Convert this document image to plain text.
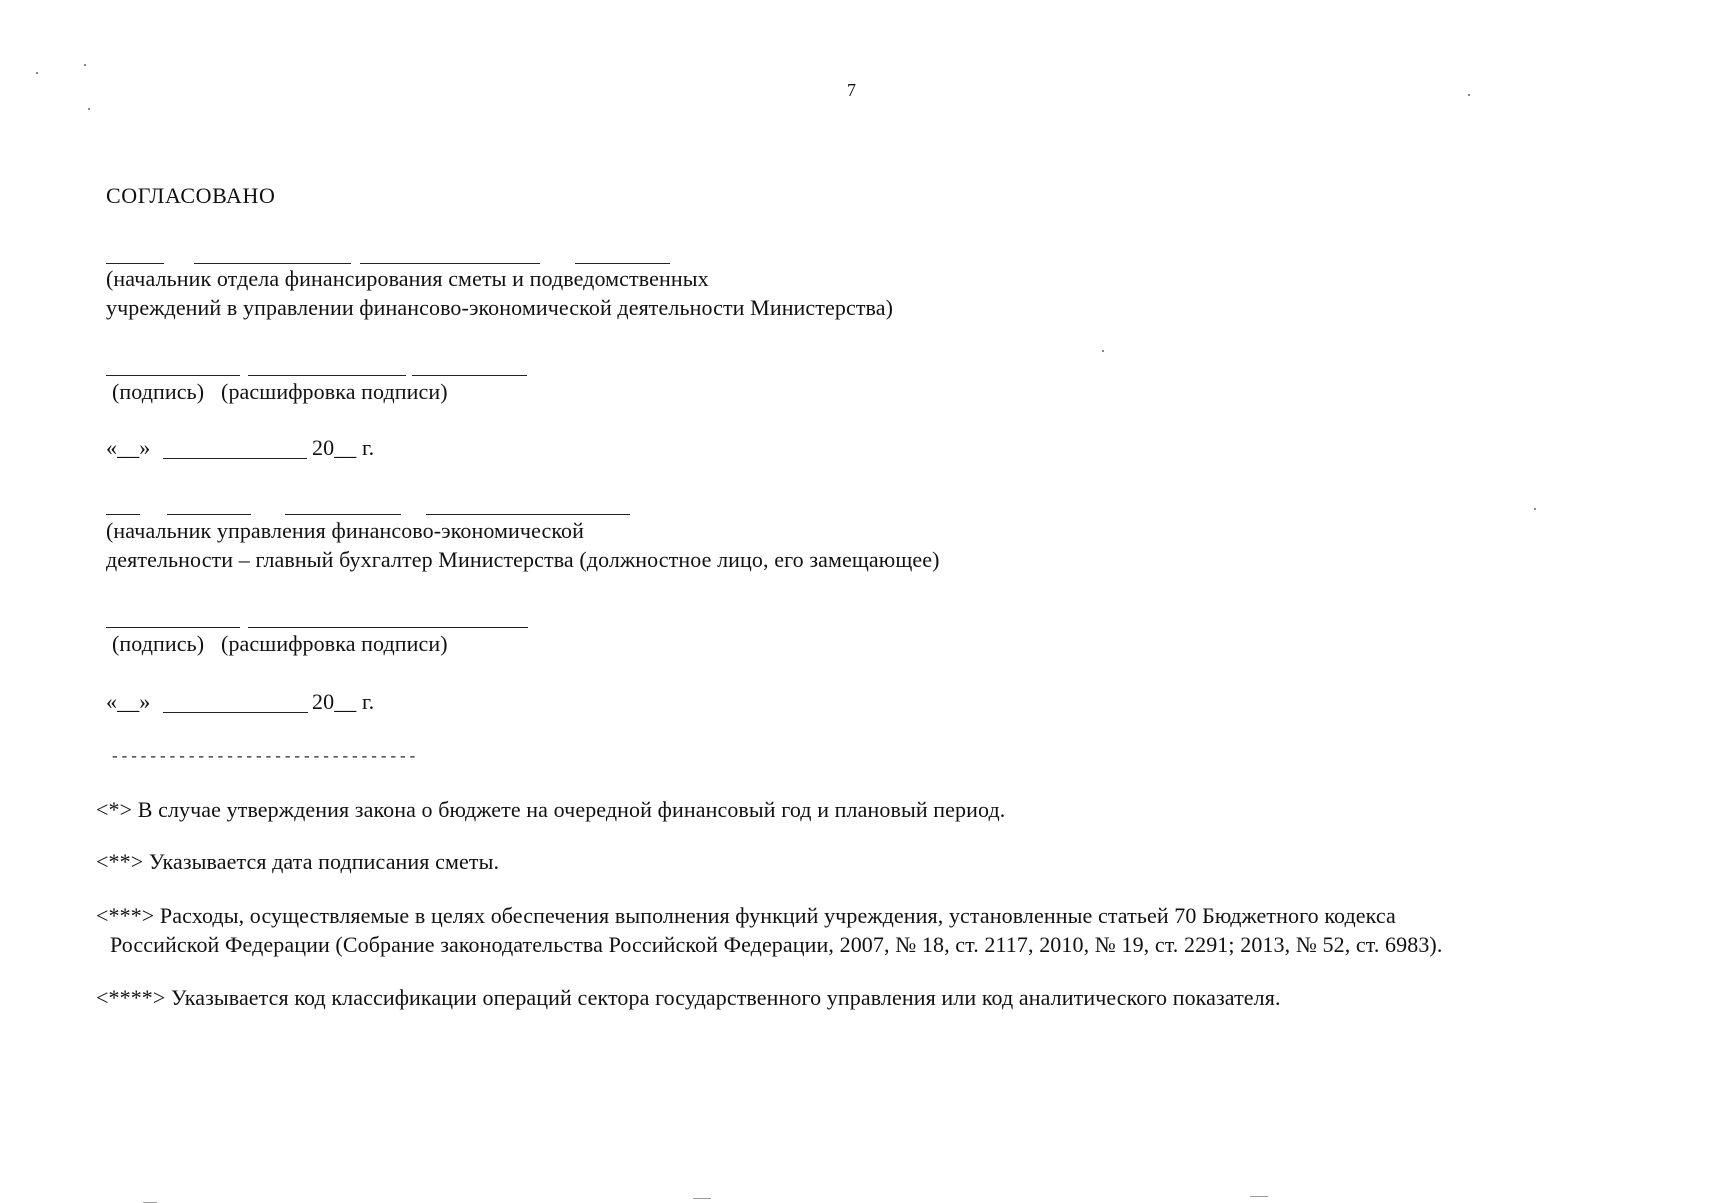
7
СОГЛАСОВАНО
(начальник отдела финансирования сметы и подведомственных
учреждений в управлении финансово-экономической деятельности Министерства)
(подпись)   (расшифровка подписи)
«__»	20__ г.
(начальник управления финансово-экономической
деятельности – главный бухгалтер Министерства (должностное лицо, его замещающее)
(подпись)   (расшифровка подписи)
«__»	20__ г.
--------------------------------
<*> В случае утверждения закона о бюджете на очередной финансовый год и плановый период.
<**> Указывается дата подписания сметы.
<***> Расходы, осуществляемые в целях обеспечения выполнения функций учреждения, установленные статьей 70 Бюджетного кодекса
Российской Федерации (Собрание законодательства Российской Федерации, 2007, № 18, ст. 2117, 2010, № 19, ст. 2291; 2013, № 52, ст. 6983).
<****> Указывается код классификации операций сектора государственного управления или код аналитического показателя.
